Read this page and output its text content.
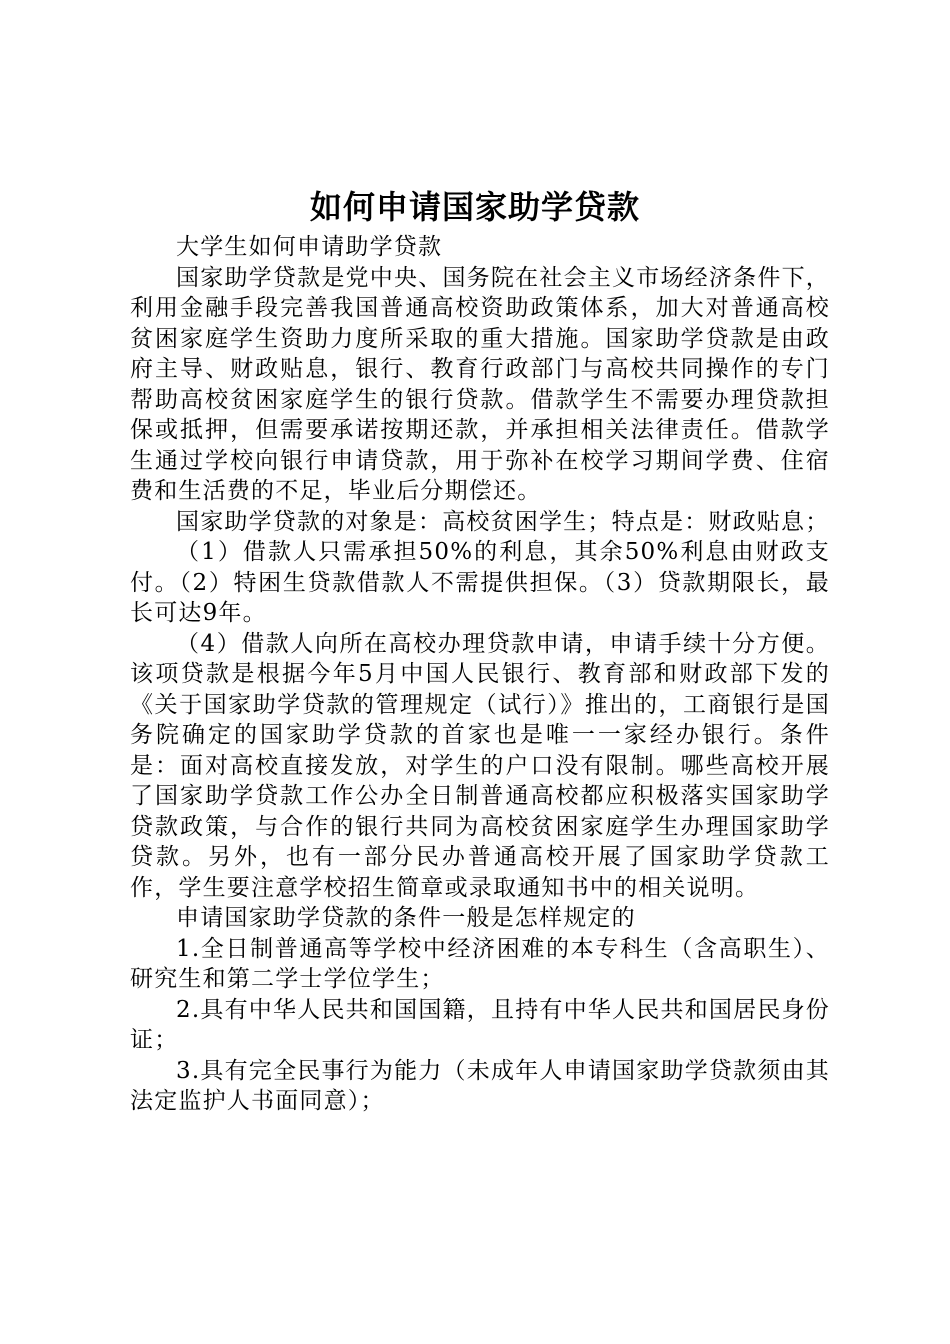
如何申请国家助学贷款

大学生如何申请助学贷款

国家助学贷款是党中央、国务院在社会主义市场经济条件下，利用金融手段完善我国普通高校资助政策体系，加大对普通高校贫困家庭学生资助力度所采取的重大措施。国家助学贷款是由政府主导、财政贴息，银行、教育行政部门与高校共同操作的专门帮助高校贫困家庭学生的银行贷款。借款学生不需要办理贷款担保或抵押，但需要承诺按期还款，并承担相关法律责任。借款学生通过学校向银行申请贷款，用于弥补在校学习期间学费、住宿费和生活费的不足，毕业后分期偿还。

国家助学贷款的对象是：高校贫困学生；特点是：财政贴息；

（1）借款人只需承担50%的利息，其余50%利息由财政支付。（2）特困生贷款借款人不需提供担保。（3）贷款期限长，最长可达9年。

（4）借款人向所在高校办理贷款申请，申请手续十分方便。该项贷款是根据今年5月中国人民银行、教育部和财政部下发的《关于国家助学贷款的管理规定（试行）》推出的，工商银行是国务院确定的国家助学贷款的首家也是唯一一家经办银行。条件是：面对高校直接发放，对学生的户口没有限制。哪些高校开展了国家助学贷款工作公办全日制普通高校都应积极落实国家助学贷款政策，与合作的银行共同为高校贫困家庭学生办理国家助学贷款。另外，也有一部分民办普通高校开展了国家助学贷款工作，学生要注意学校招生简章或录取通知书中的相关说明。

申请国家助学贷款的条件一般是怎样规定的

1.全日制普通高等学校中经济困难的本专科生（含高职生）、研究生和第二学士学位学生；

2.具有中华人民共和国国籍，且持有中华人民共和国居民身份证；

3.具有完全民事行为能力（未成年人申请国家助学贷款须由其法定监护人书面同意）；
